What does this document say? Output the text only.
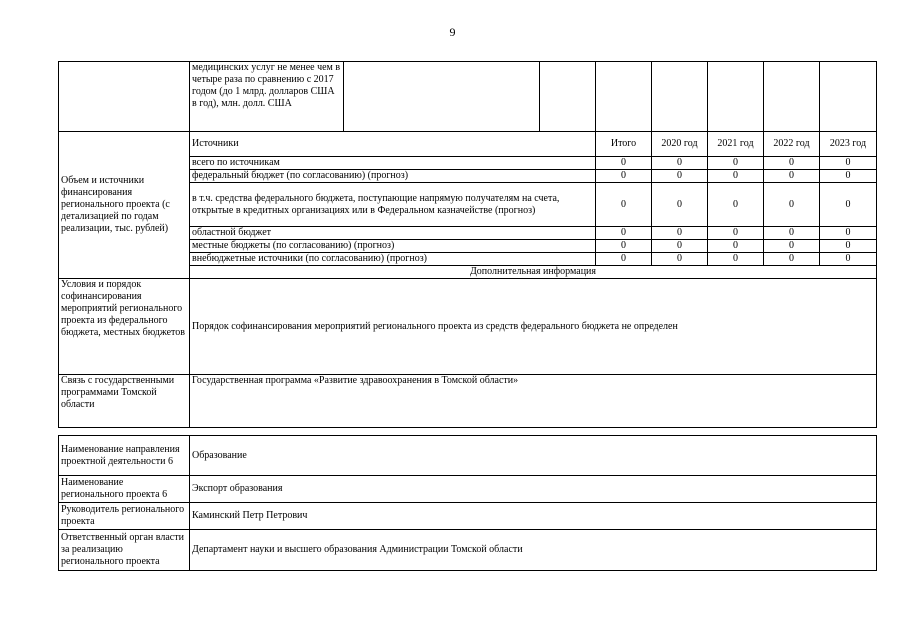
9
	медицинских услуг не менее чем в четыре раза по сравнению с 2017 годом (до 1 млрд. долларов США в год), млн. долл. США								
Объем и источники финансирования регионального проекта (с детализацией по годам реализации, тыс. рублей)	Источники			Итого	2020 год	2021 год	2022 год	2023 год	
	всего по источникам			0	0	0	0	0	
	федеральный бюджет (по согласованию) (прогноз)			0	0	0	0	0	
	в т.ч. средства федерального бюджета, поступающие напрямую получателям на счета, открытые в кредитных организациях или в Федеральном казначействе (прогноз)			0	0	0	0	0	
	областной бюджет			0	0	0	0	0	
	местные бюджеты (по согласованию) (прогноз)			0	0	0	0	0	
	внебюджетные источники (по согласованию) (прогноз)			0	0	0	0	0	
	Дополнительная информация								
Условия и порядок софинансирования мероприятий регионального проекта из федерального бюджета, местных бюджетов	Порядок софинансирования мероприятий регионального проекта из средств федерального бюджета не определен								
Связь с государственными программами Томской области	Государственная программа «Развитие здравоохранения в Томской области»								
Наименование направления проектной деятельности 6	Образование
Наименование регионального проекта 6	Экспорт образования
Руководитель регионального проекта	Каминский Петр Петрович
Ответственный орган власти за реализацию регионального проекта	Департамент науки и высшего образования Администрации Томской области
